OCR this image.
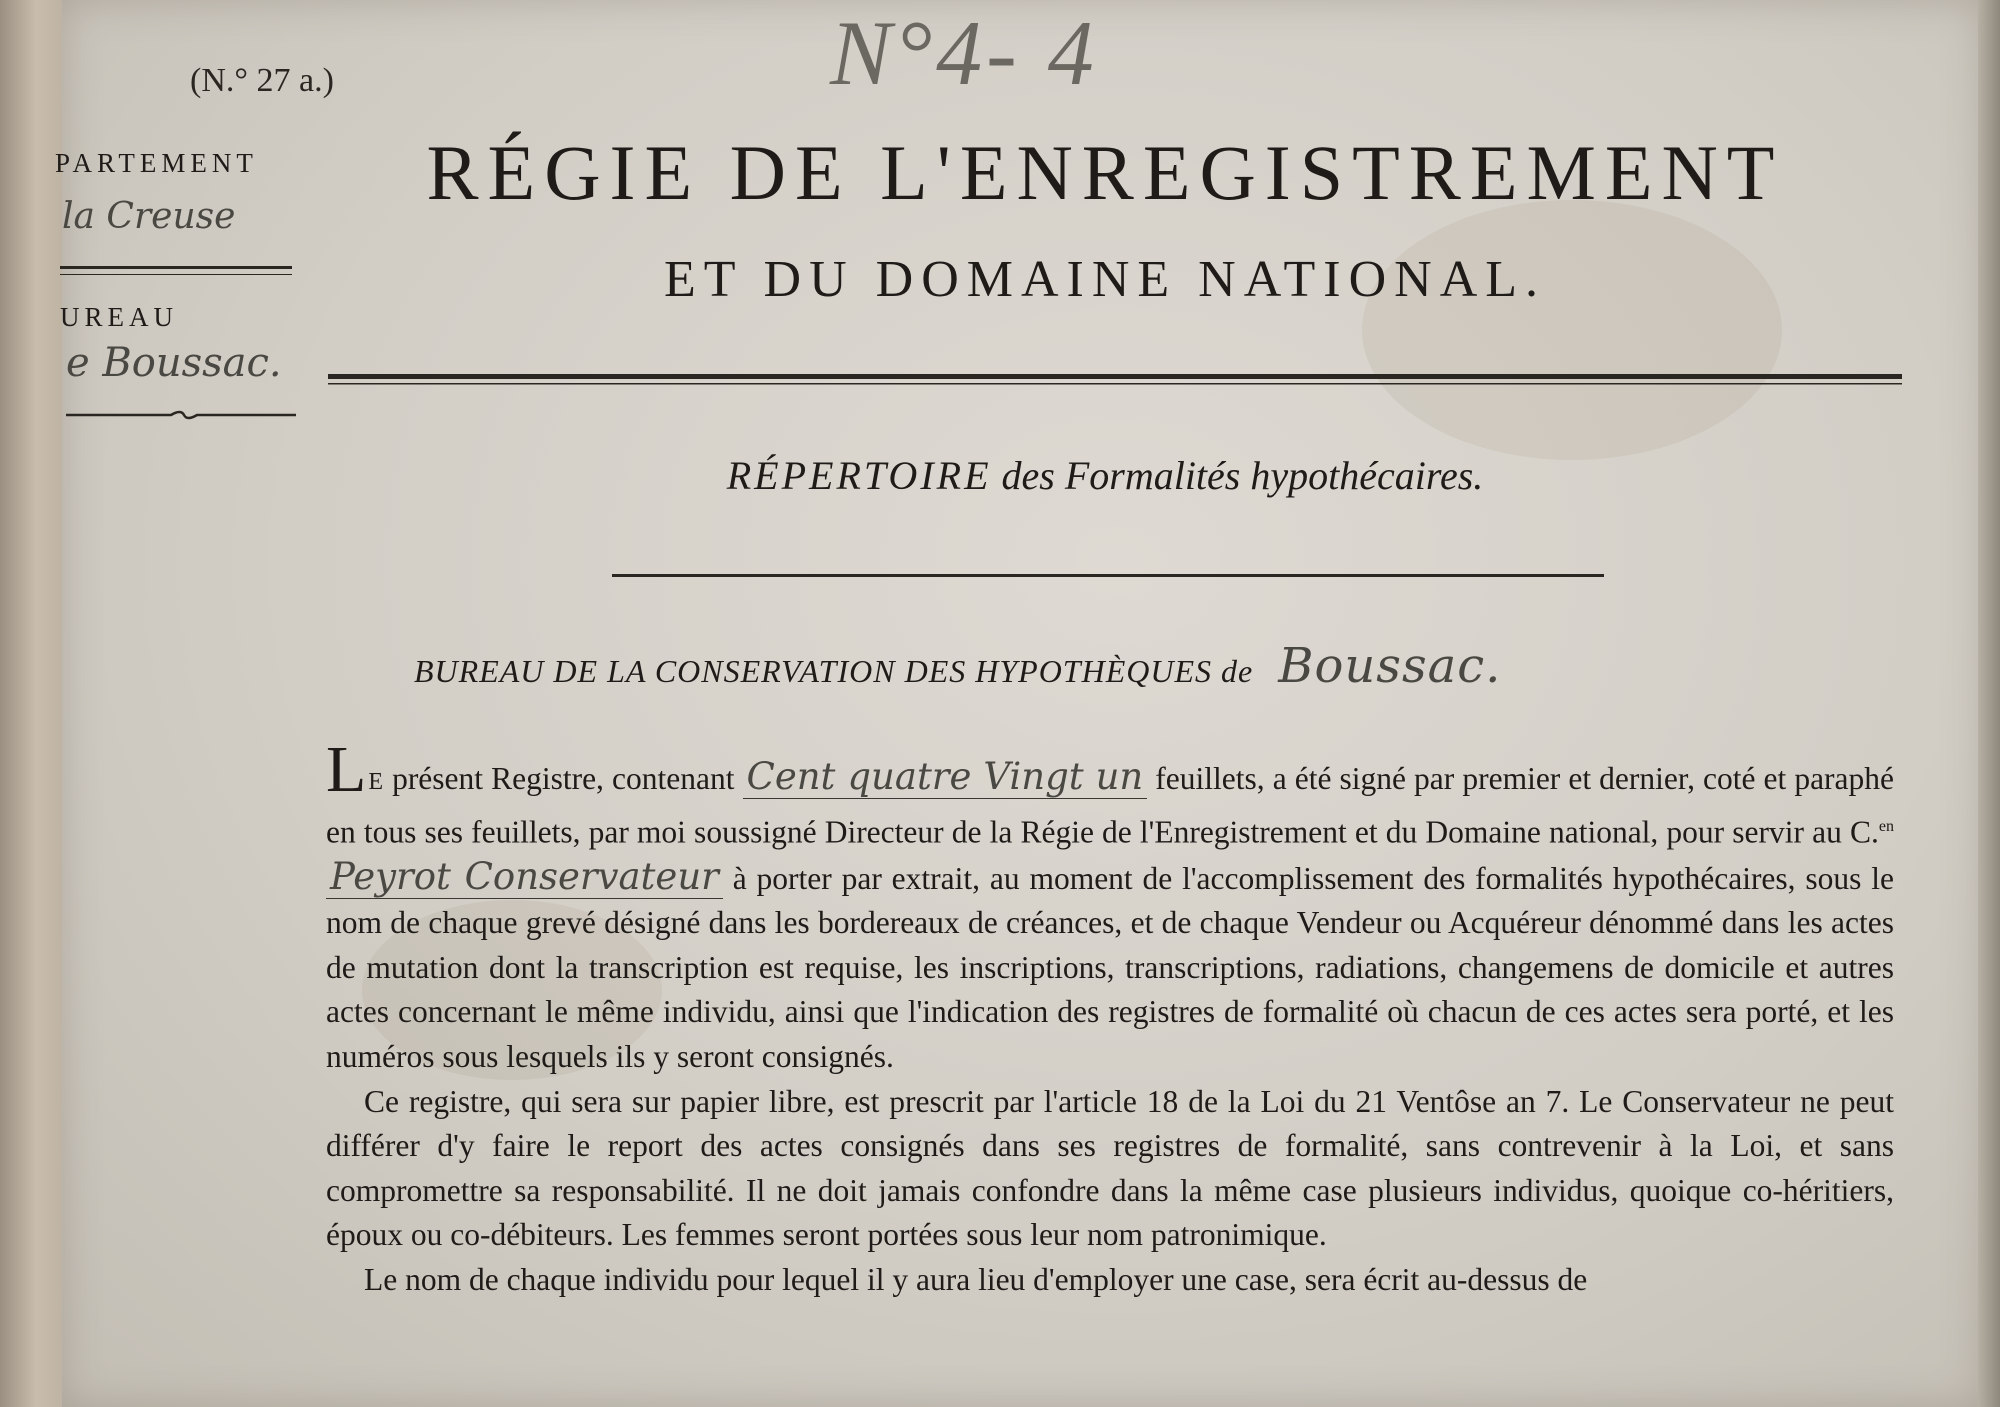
(N.° 27 a.)	N°4- 4
PARTEMENT
la Creuse
UREAU
e Boussac.
RÉGIE DE L'ENREGISTREMENT
ET DU DOMAINE NATIONAL.
RÉPERTOIRE des Formalités hypothécaires.
BUREAU DE LA CONSERVATION DES HYPOTHÈQUES de Boussac.

LE présent Registre, contenant Cent quatre Vingt un feuillets, a été signé par premier et dernier, coté et paraphé en tous ses feuillets, par moi soussigné Directeur de la Régie de l'Enregistrement et du Domaine national, pour servir au C.$^{en}$ Peyrot Conservateur à porter par extrait, au moment de l'accomplissement des formalités hypothécaires, sous le nom de chaque grevé désigné dans les bordereaux de créances, et de chaque Vendeur ou Acquéreur dénommé dans les actes de mutation dont la transcription est requise, les inscriptions, transcriptions, radiations, changemens de domicile et autres actes concernant le même individu, ainsi que l'indication des registres de formalité où chacun de ces actes sera porté, et les numéros sous lesquels ils y seront consignés.

Ce registre, qui sera sur papier libre, est prescrit par l'article 18 de la Loi du 21 Ventôse an 7. Le Conservateur ne peut différer d'y faire le report des actes consignés dans ses registres de formalité, sans contrevenir à la Loi, et sans compromettre sa responsabilité. Il ne doit jamais confondre dans la même case plusieurs individus, quoique co-héritiers, époux ou co-débiteurs. Les femmes seront portées sous leur nom patronimique.

Le nom de chaque individu pour lequel il y aura lieu d'employer une case, sera écrit au-dessus de
